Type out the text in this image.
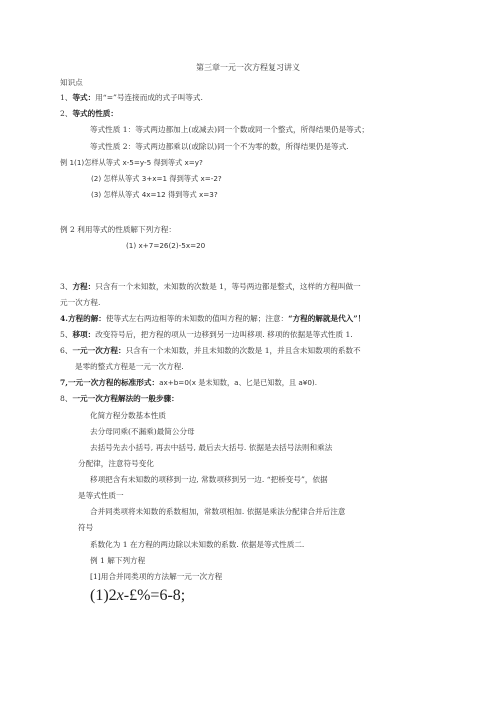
第三章一元一次方程复习讲义
知识点
1、等式：用“=”号连接而成的式子叫等式.
2、等式的性质：
等式性质 1：等式两边都加上(或减去)同一个数或同一个整式，所得结果仍是等式；
等式性质 2：等式两边都乘以(或除以)同一个不为零的数，所得结果仍是等式.
例 1(1)怎样从等式 x-5=y-5 得到等式 x=y?
(2) 怎样从等式 3+x=1 得到等式 x=-2?
(3) 怎样从等式 4x=12 得到等式 x=3?
例 2 利用等式的性质解下列方程：
(1) x+7=26(2)-5x=20
3、方程：只含有一个未知数，未知数的次数是 1，等号两边都是整式，这样的方程叫做一
元一次方程.
4.方程的解：使等式左右两边相等的未知数的值叫方程的解；注意：“方程的解就是代入”！
5、移项：改变符号后，把方程的项从一边移到另一边叫移项. 移项的依据是等式性质 1.
6、一元一次方程：只含有一个未知数，并且未知数的次数是 1，并且含未知数项的系数不
是零的整式方程是一元一次方程.
7,一元一次方程的标准形式：ax+b=0(x 是未知数，a、匕是已知数，且 a¥0).
8、一元一次方程解法的一般步骤：
化简方程分数基本性质
去分母同乘(不漏乘)最简公分母
去括号先去小括号, 再去中括号, 最后去大括号. 依据是去括号法则和乘法
分配律，注意符号变化
移项把含有未知数的项移到一边, 常数项移到另一边. “把桥变号”，依据
是等式性质一
合并同类项将未知数的系数相加，常数项相加. 依据是乘法分配律合并后注意
符号
系数化为 1 在方程的两边除以未知数的系数. 依据是等式性质二.
例 1 解下列方程
[1]用合并同类项的方法解一元一次方程
(1)2x-£%=6-8;
